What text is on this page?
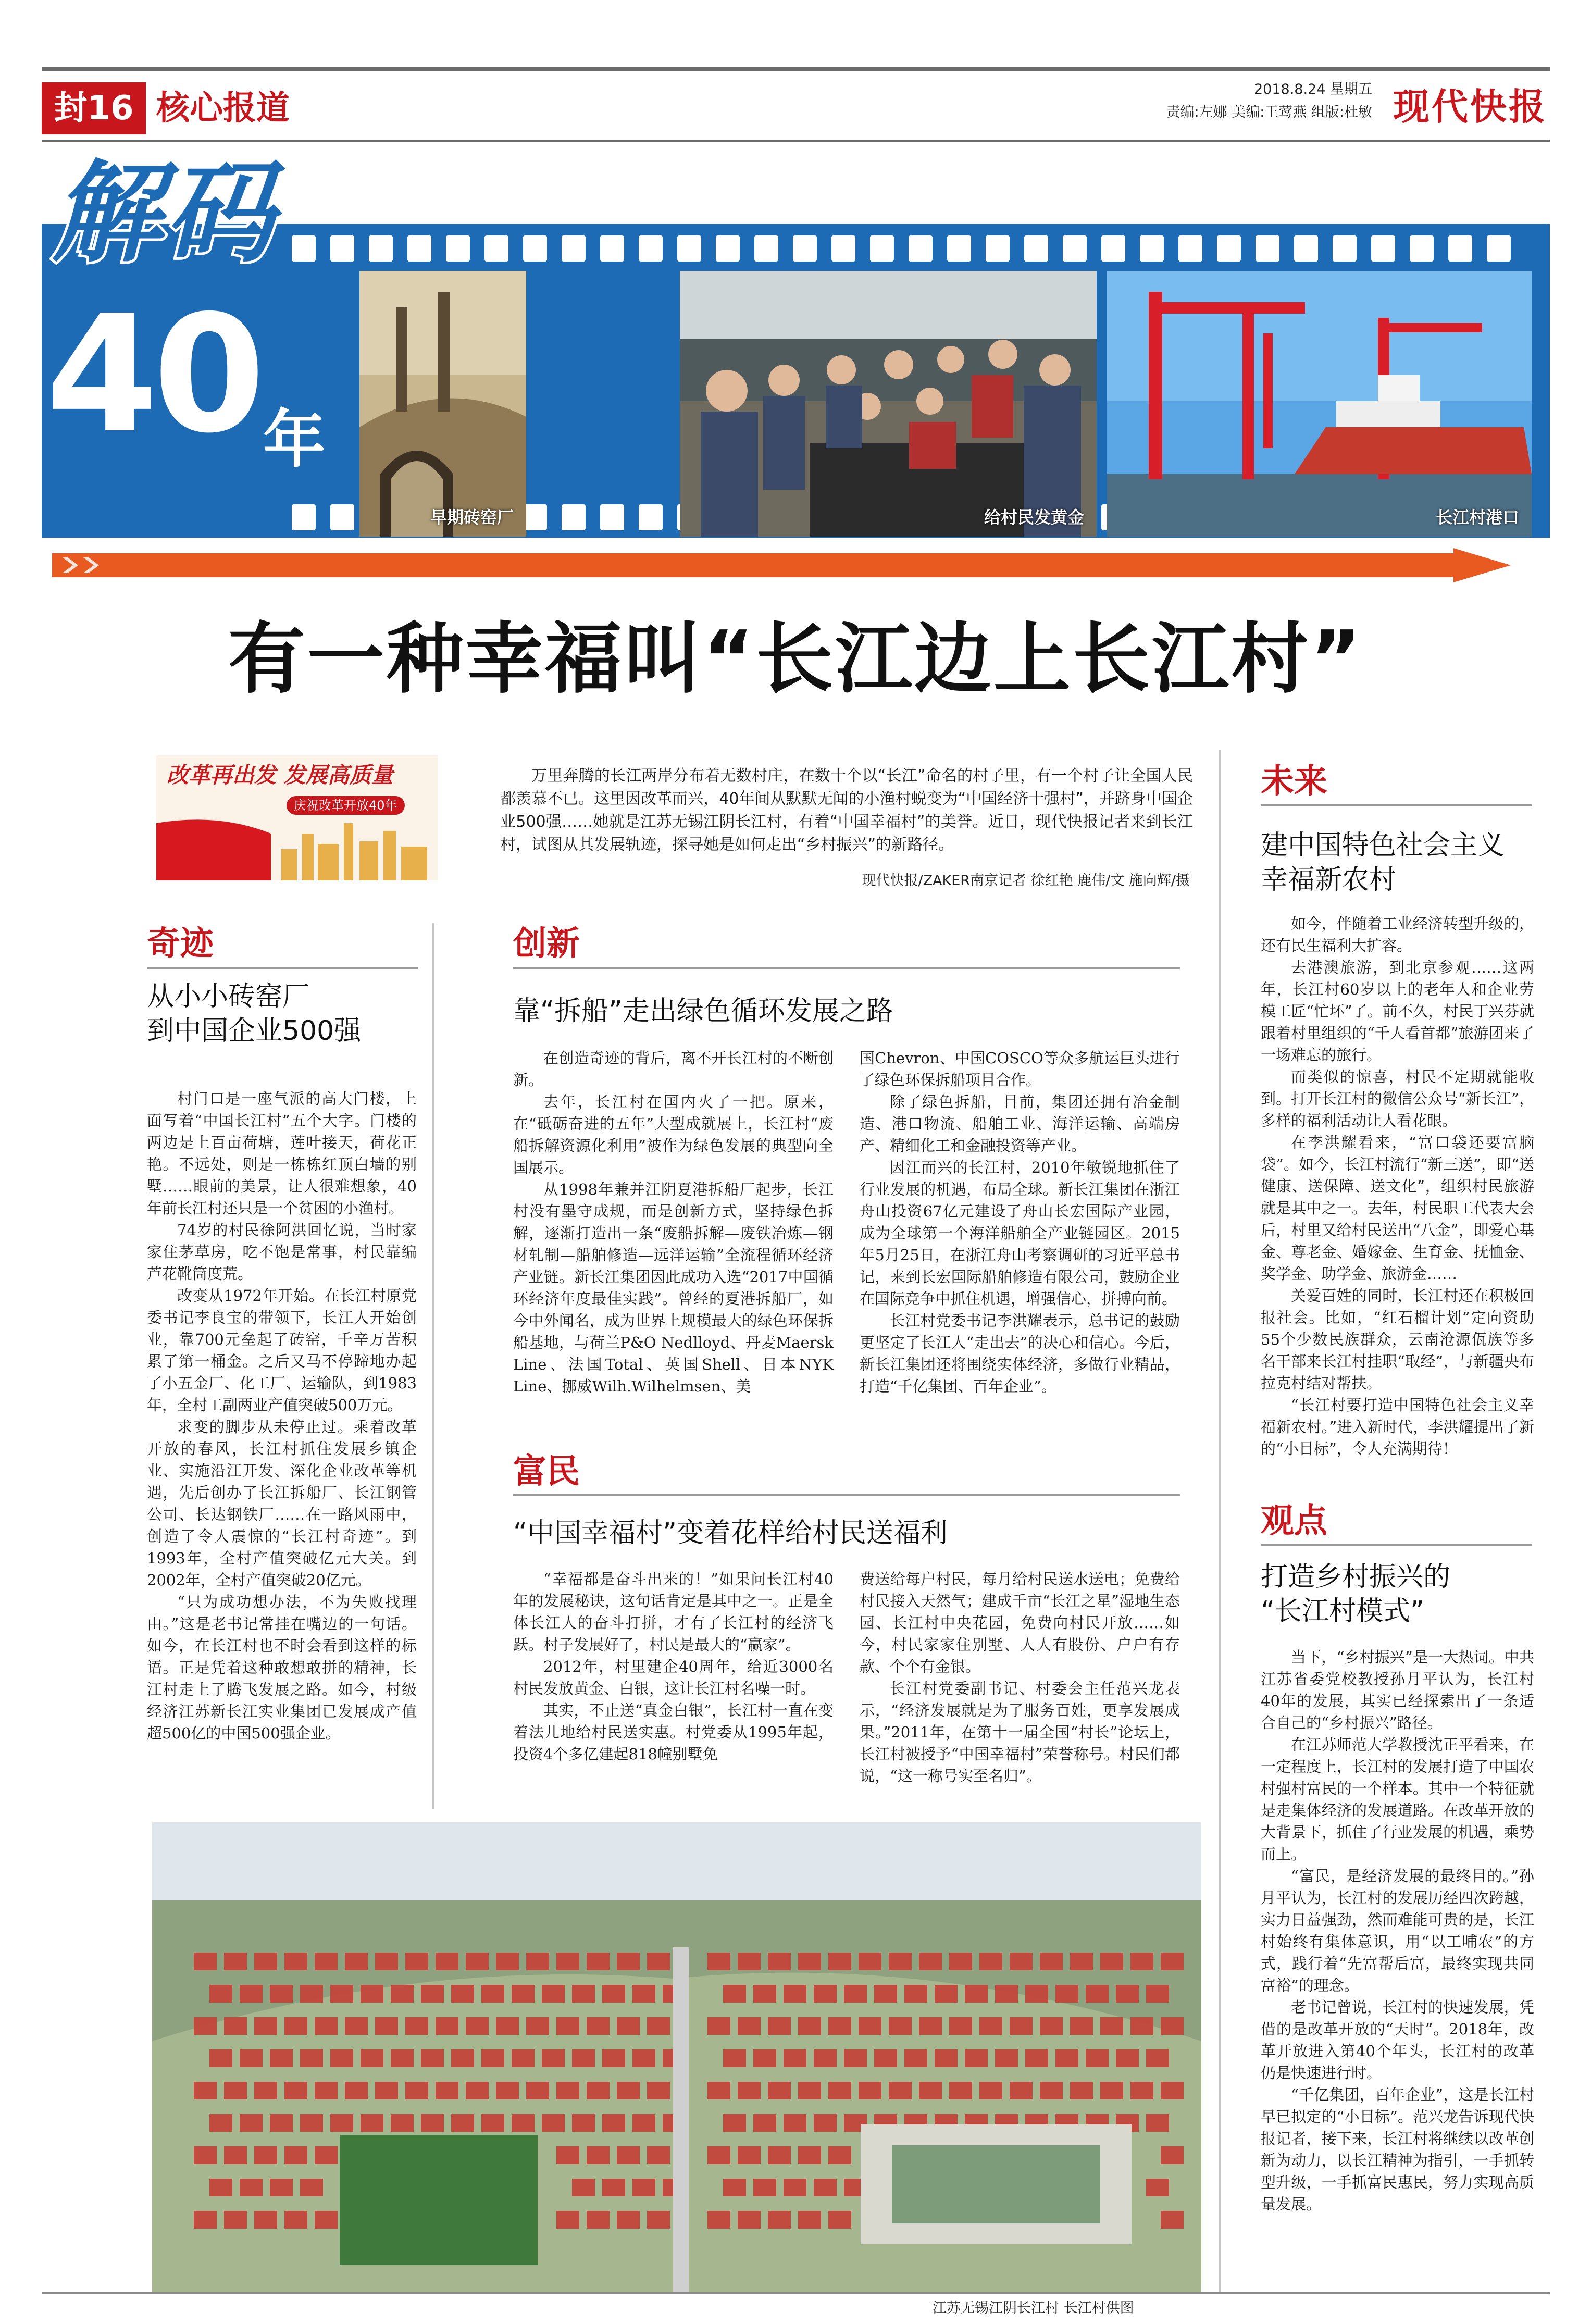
封16 核心报道	2018.8.24 星期五
责编:左娜 美编:王莺燕 组版:杜敏 现代快报
早期砖窑厂	给村民发黄金	长江村港口
解码
40 年
有一种幸福叫“长江边上长江村”
改革再出发 发展高质量
庆祝改革开放40年
万里奔腾的长江两岸分布着无数村庄，在数十个以“长江”命名的村子里，有一个村子让全国人民都羡慕不已。这里因改革而兴，40年间从默默无闻的小渔村蜕变为“中国经济十强村”，并跻身中国企业500强……她就是江苏无锡江阴长江村，有着“中国幸福村”的美誉。近日，现代快报记者来到长江村，试图从其发展轨迹，探寻她是如何走出“乡村振兴”的新路径。
现代快报/ZAKER南京记者 徐红艳 鹿伟/文 施向辉/摄
奇迹
从小小砖窑厂
到中国企业500强

村门口是一座气派的高大门楼，上面写着“中国长江村”五个大字。门楼的两边是上百亩荷塘，莲叶接天，荷花正艳。不远处，则是一栋栋红顶白墙的别墅……眼前的美景，让人很难想象，40年前长江村还只是一个贫困的小渔村。

74岁的村民徐阿洪回忆说，当时家家住茅草房，吃不饱是常事，村民靠编芦花靴筒度荒。

改变从1972年开始。在长江村原党委书记李良宝的带领下，长江人开始创业，靠700元垒起了砖窑，千辛万苦积累了第一桶金。之后又马不停蹄地办起了小五金厂、化工厂、运输队，到1983年，全村工副两业产值突破500万元。

求变的脚步从未停止过。乘着改革开放的春风，长江村抓住发展乡镇企业、实施沿江开发、深化企业改革等机遇，先后创办了长江拆船厂、长江钢管公司、长达钢铁厂……在一路风雨中，创造了令人震惊的“长江村奇迹”。到1993年，全村产值突破亿元大关。到2002年，全村产值突破20亿元。

“只为成功想办法，不为失败找理由。”这是老书记常挂在嘴边的一句话。如今，在长江村也不时会看到这样的标语。正是凭着这种敢想敢拼的精神，长江村走上了腾飞发展之路。如今，村级经济江苏新长江实业集团已发展成产值超500亿的中国500强企业。

创新
靠“拆船”走出绿色循环发展之路

在创造奇迹的背后，离不开长江村的不断创新。

去年，长江村在国内火了一把。原来，在“砥砺奋进的五年”大型成就展上，长江村“废船拆解资源化利用”被作为绿色发展的典型向全国展示。

从1998年兼并江阴夏港拆船厂起步，长江村没有墨守成规，而是创新方式，坚持绿色拆解，逐渐打造出一条“废船拆解—废铁冶炼—钢材轧制—船舶修造—远洋运输”全流程循环经济产业链。新长江集团因此成功入选“2017中国循环经济年度最佳实践”。曾经的夏港拆船厂，如今中外闻名，成为世界上规模最大的绿色环保拆船基地，与荷兰P&O Nedlloyd、丹麦Maersk Line、法国Total、英国Shell、日本NYK Line、挪威Wilh.Wilhelmsen、美

国Chevron、中国COSCO等众多航运巨头进行了绿色环保拆船项目合作。

除了绿色拆船，目前，集团还拥有冶金制造、港口物流、船舶工业、海洋运输、高端房产、精细化工和金融投资等产业。

因江而兴的长江村，2010年敏锐地抓住了行业发展的机遇，布局全球。新长江集团在浙江舟山投资67亿元建设了舟山长宏国际产业园，成为全球第一个海洋船舶全产业链园区。2015年5月25日，在浙江舟山考察调研的习近平总书记，来到长宏国际船舶修造有限公司，鼓励企业在国际竞争中抓住机遇，增强信心，拼搏向前。

长江村党委书记李洪耀表示，总书记的鼓励更坚定了长江人“走出去”的决心和信心。今后，新长江集团还将围绕实体经济，多做行业精品，打造“千亿集团、百年企业”。

富民
“中国幸福村”变着花样给村民送福利

“幸福都是奋斗出来的！”如果问长江村40年的发展秘诀，这句话肯定是其中之一。正是全体长江人的奋斗打拼，才有了长江村的经济飞跃。村子发展好了，村民是最大的“赢家”。

2012年，村里建企40周年，给近3000名村民发放黄金、白银，这让长江村名噪一时。

其实，不止送“真金白银”，长江村一直在变着法儿地给村民送实惠。村党委从1995年起，投资4个多亿建起818幢别墅免

费送给每户村民，每月给村民送水送电；免费给村民接入天然气；建成千亩“长江之星”湿地生态园、长江村中央花园，免费向村民开放……如今，村民家家住别墅、人人有股份、户户有存款、个个有金银。

长江村党委副书记、村委会主任范兴龙表示，“经济发展就是为了服务百姓，更享发展成果。”2011年，在第十一届全国“村长”论坛上，长江村被授予“中国幸福村”荣誉称号。村民们都说，“这一称号实至名归”。

未来
建中国特色社会主义
幸福新农村

如今，伴随着工业经济转型升级的，还有民生福利大扩容。

去港澳旅游，到北京参观……这两年，长江村60岁以上的老年人和企业劳模工匠“忙坏”了。前不久，村民丁兴芬就跟着村里组织的“千人看首都”旅游团来了一场难忘的旅行。

而类似的惊喜，村民不定期就能收到。打开长江村的微信公众号“新长江”，多样的福利活动让人看花眼。

在李洪耀看来，“富口袋还要富脑袋”。如今，长江村流行“新三送”，即“送健康、送保障、送文化”，组织村民旅游就是其中之一。去年，村民职工代表大会后，村里又给村民送出“八金”，即爱心基金、尊老金、婚嫁金、生育金、抚恤金、奖学金、助学金、旅游金……

关爱百姓的同时，长江村还在积极回报社会。比如，“红石榴计划”定向资助55个少数民族群众，云南沧源佤族等多名干部来长江村挂职“取经”，与新疆央布拉克村结对帮扶。

“长江村要打造中国特色社会主义幸福新农村。”进入新时代，李洪耀提出了新的“小目标”，令人充满期待！

观点
打造乡村振兴的
“长江村模式”

当下，“乡村振兴”是一大热词。中共江苏省委党校教授孙月平认为，长江村40年的发展，其实已经探索出了一条适合自己的“乡村振兴”路径。

在江苏师范大学教授沈正平看来，在一定程度上，长江村的发展打造了中国农村强村富民的一个样本。其中一个特征就是走集体经济的发展道路。在改革开放的大背景下，抓住了行业发展的机遇，乘势而上。

“富民，是经济发展的最终目的。”孙月平认为，长江村的发展历经四次跨越，实力日益强劲，然而难能可贵的是，长江村始终有集体意识，用“以工哺农”的方式，践行着“先富帮后富，最终实现共同富裕”的理念。

老书记曾说，长江村的快速发展，凭借的是改革开放的“天时”。2018年，改革开放进入第40个年头，长江村的改革仍是快速进行时。

“千亿集团，百年企业”，这是长江村早已拟定的“小目标”。范兴龙告诉现代快报记者，接下来，长江村将继续以改革创新为动力，以长江精神为指引，一手抓转型升级，一手抓富民惠民，努力实现高质量发展。

江苏无锡江阴长江村 长江村供图
